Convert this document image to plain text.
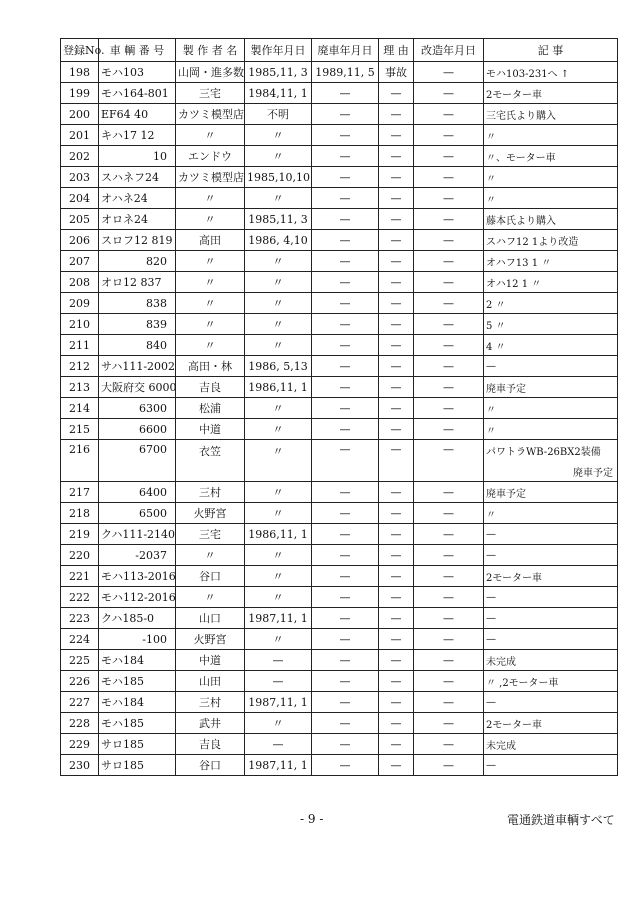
登録No.	車 輌 番 号	製 作 者 名	製作年月日	廃車年月日	理 由	改造年月日	記 事
198	モハ103	山岡・進多数	1985,11, 3	1989,11, 5	事故	—	モハ103-231へ ↑
199	モハ164-801	三宅	1984,11, 1	—	—	—	2モーター車
200	EF64 40	カツミ模型店	不明	—	—	—	三宅氏より購入
201	キハ17 12	〃	〃	—	—	—	〃
202	10	エンドウ	〃	—	—	—	〃、モーター車
203	スハネフ24	カツミ模型店	1985,10,10	—	—	—	〃
204	オハネ24	〃	〃	—	—	—	〃
205	オロネ24	〃	1985,11, 3	—	—	—	藤本氏より購入
206	スロフ12 819	高田	1986, 4,10	—	—	—	スハフ12 1より改造
207	820	〃	〃	—	—	—	オハフ13 1 〃
208	オロ12 837	〃	〃	—	—	—	オハ12 1 〃
209	838	〃	〃	—	—	—	2 〃
210	839	〃	〃	—	—	—	5 〃
211	840	〃	〃	—	—	—	4 〃
212	サハ111-2002	高田・林	1986, 5,13	—	—	—	—
213	大阪府交 6000	吉良	1986,11, 1	—	—	—	廃車予定
214	6300	松浦	〃	—	—	—	〃
215	6600	中道	〃	—	—	—	〃
216	6700	衣笠	〃	—	—	—	パワトラWB-26BX2装備
廃車予定

217	6400	三村	〃	—	—	—	廃車予定
218	6500	火野宮	〃	—	—	—	〃
219	クハ111-2140	三宅	1986,11, 1	—	—	—	—
220	-2037	〃	〃	—	—	—	—
221	モハ113-2016	谷口	〃	—	—	—	2モーター車
222	モハ112-2016	〃	〃	—	—	—	—
223	クハ185-0	山口	1987,11, 1	—	—	—	—
224	-100	火野宮	〃	—	—	—	—
225	モハ184	中道	—	—	—	—	未完成
226	モハ185	山田	—	—	—	—	〃 ,2モーター車
227	モハ184	三村	1987,11, 1	—	—	—	—
228	モハ185	武井	〃	—	—	—	2モーター車
229	サロ185	吉良	—	—	—	—	未完成
230	サロ185	谷口	1987,11, 1	—	—	—	—
- 9 -	電通鉄道車輌すべて
